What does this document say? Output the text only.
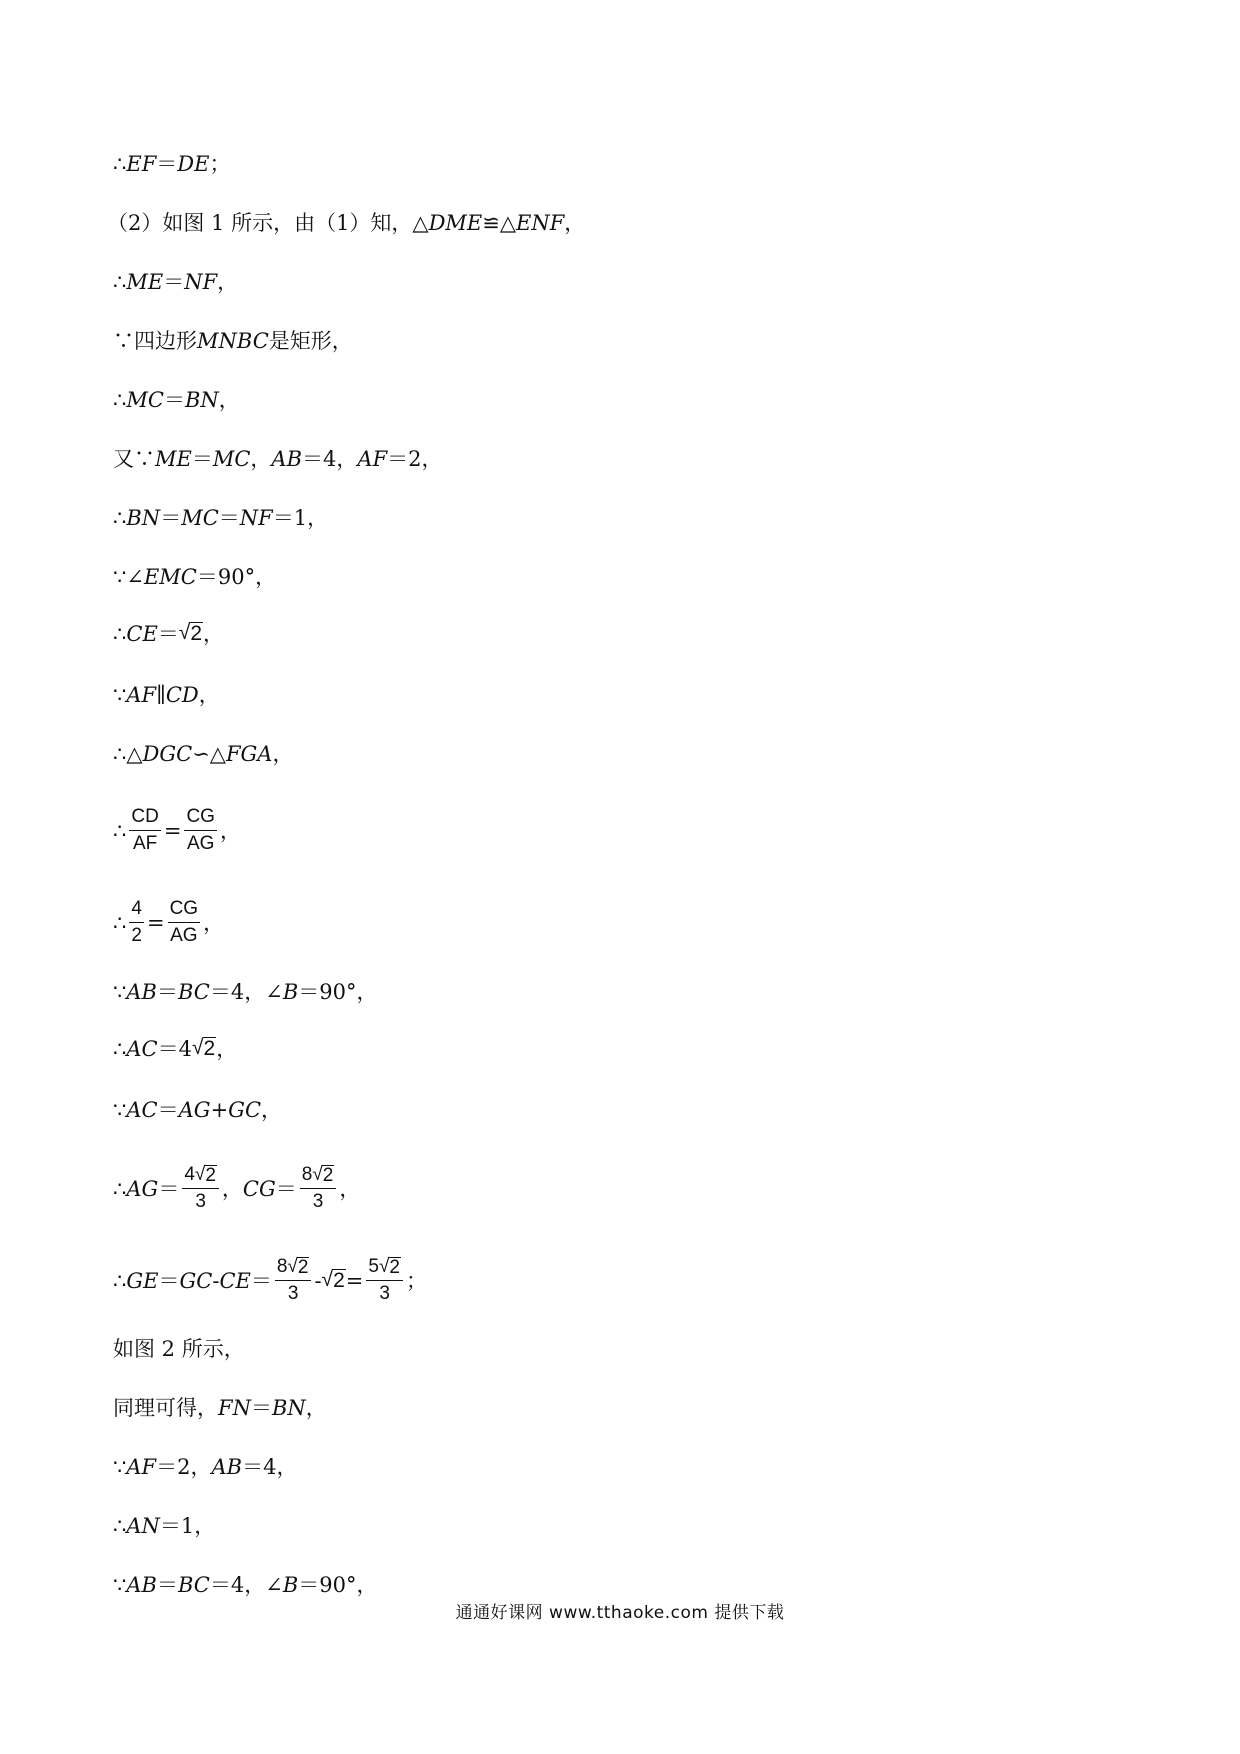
∴ EF ＝ DE ；
（2）如图 1 所示，由（1）知，△ DME ≌△ ENF ，
∴ ME ＝ NF ，
∵四边形 MNBC 是矩形，
∴ MC ＝ BN ，
又∵ ME ＝ MC ， AB ＝4， AF ＝2，
∴ BN ＝ MC ＝ NF ＝1，
∵∠ EMC ＝90°，
∴ CE ＝ √ 2 ，
∵ AF ∥ CD ，
∴△ DGC ∽△ FGA ，
∴ $\frac{CD}{AF} = \frac{CG}{AG}$ ，
∴ $\frac{4}{2} = \frac{CG}{AG}$ ，
∵ AB ＝ BC ＝4，∠ B ＝90°，
∴ AC ＝4 √ 2 ，
∵ AC ＝ AG + GC ，
∴ AG ＝ $\frac{4 √ 2}{3}$ ， CG ＝ $\frac{8 √ 2}{3}$ ，
∴ GE ＝ GC - CE ＝ $\frac{8 √ 2}{3}$ - √ $2 = \frac{5 √ 2}{3}$ ；
如图 2 所示，
同理可得， FN ＝ BN ，
∵ AF ＝2， AB ＝4，
∴ AN ＝1，
∵ AB ＝ BC ＝4，∠ B ＝90°，
通通好课网 www.tthaoke.com 提供下载
